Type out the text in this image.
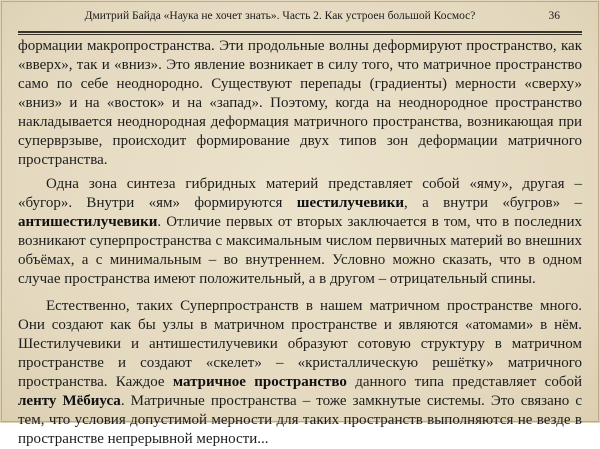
Дмитрий Байда «Наука не хочет знать». Часть 2. Как устроен большой Космос?	36

формации макропространства. Эти продольные волны деформируют пространство, как «вверх», так и «вниз». Это явление возникает в силу того, что матричное пространство само по себе неоднородно. Существуют перепады (градиенты) мерности «сверху» «вниз» и на «восток» и на «запад». Поэтому, когда на неоднородное пространство накладывается неоднородная деформация матричного пространства, возникающая при суперврзыве, происходит формирование двух типов зон деформации матричного пространства.

Одна зона синтеза гибридных материй представляет собой «яму», другая – «бугор». Внутри «ям» формируются шестилучевики, а внутри «бугров» – антишестилучевики. Отличие первых от вторых заключается в том, что в последних возникают суперпространства с максимальным числом первичных материй во внешних объёмах, а с минимальным – во внутреннем. Условно можно сказать, что в одном случае пространства имеют положительный, а в другом – отрицательный спины.

Естественно, таких Суперпространств в нашем матричном пространстве много. Они создают как бы узлы в матричном пространстве и являются «атомами» в нём. Шестилучевики и антишестилучевики образуют сотовую структуру в матричном пространстве и создают «скелет» – «кристаллическую решётку» матричного пространства. Каждое матричное пространство данного типа представляет собой ленту Мёбиуса. Матричные пространства – тоже замкнутые системы. Это связано с тем, что условия допустимой мерности для таких пространств выполняются не везде в пространстве непрерывной мерности...
